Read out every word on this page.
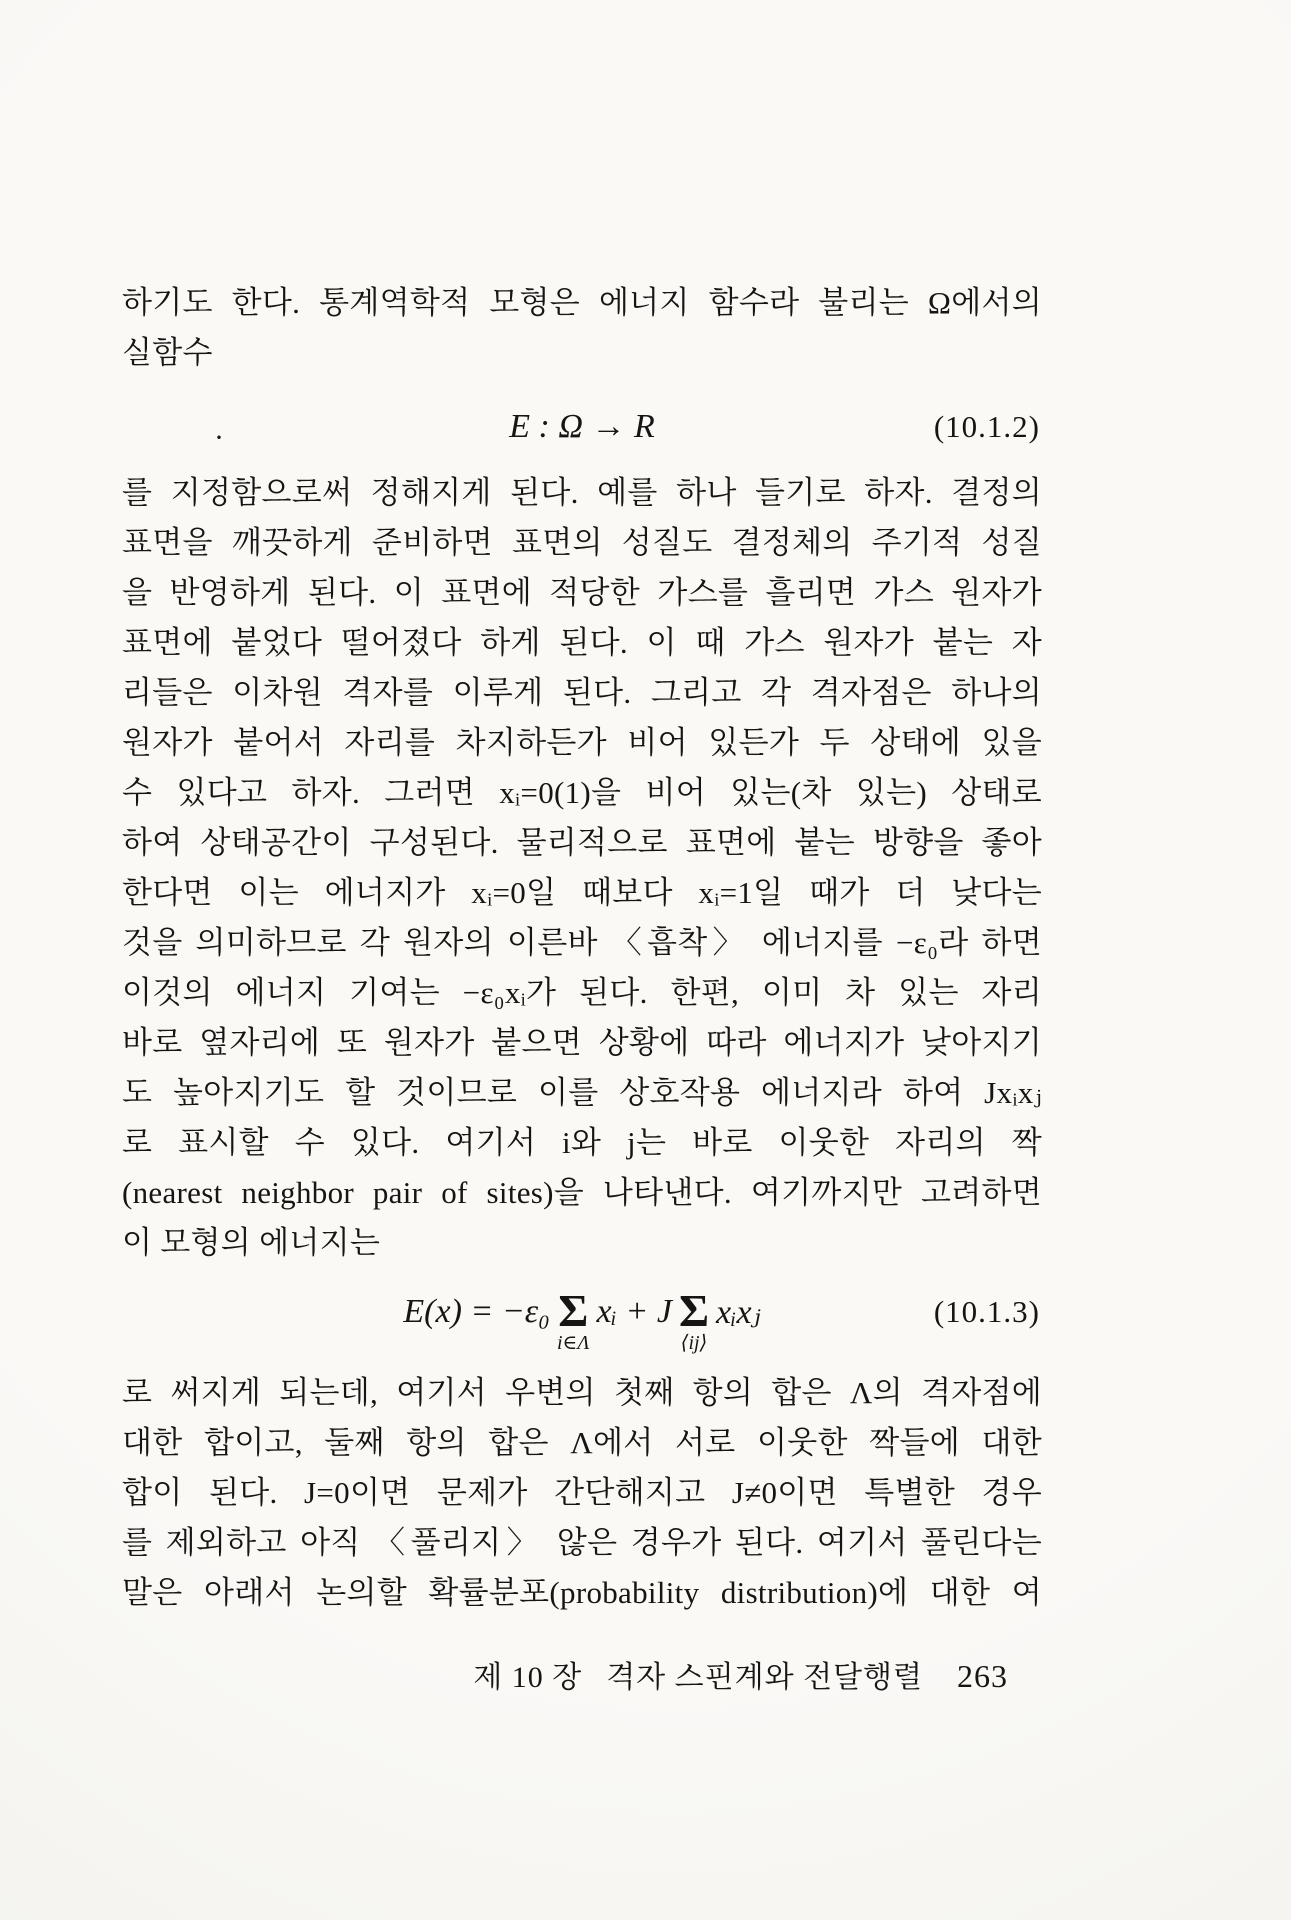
하기도 한다. 통계역학적 모형은 에너지 함수라 불리는 Ω에서의
실함수
·	E : Ω → R	(10.1.2)
를 지정함으로써 정해지게 된다. 예를 하나 들기로 하자. 결정의
표면을 깨끗하게 준비하면 표면의 성질도 결정체의 주기적 성질
을 반영하게 된다. 이 표면에 적당한 가스를 흘리면 가스 원자가
표면에 붙었다 떨어졌다 하게 된다. 이 때 가스 원자가 붙는 자
리들은 이차원 격자를 이루게 된다. 그리고 각 격자점은 하나의
원자가 붙어서 자리를 차지하든가 비어 있든가 두 상태에 있을
수 있다고 하자. 그러면 xᵢ=0(1)을 비어 있는(차 있는) 상태로
하여 상태공간이 구성된다. 물리적으로 표면에 붙는 방향을 좋아
한다면 이는 에너지가 xᵢ=0일 때보다 xᵢ=1일 때가 더 낮다는
것을 의미하므로 각 원자의 이른바 〈흡착〉 에너지를 −ε₀라 하면
이것의 에너지 기여는 −ε₀xᵢ가 된다. 한편, 이미 차 있는 자리
바로 옆자리에 또 원자가 붙으면 상황에 따라 에너지가 낮아지기
도 높아지기도 할 것이므로 이를 상호작용 에너지라 하여 Jxᵢxⱼ
로 표시할 수 있다. 여기서 i와 j는 바로 이웃한 자리의 짝
(nearest neighbor pair of sites)을 나타낸다. 여기까지만 고려하면
이 모형의 에너지는
E(x) = −ε₀ Σ
i∈Λ
xᵢ + J Σ
⟨ij⟩
xᵢxⱼ	(10.1.3)
로 써지게 되는데, 여기서 우변의 첫째 항의 합은 Λ의 격자점에
대한 합이고, 둘째 항의 합은 Λ에서 서로 이웃한 짝들에 대한
합이 된다. J=0이면 문제가 간단해지고 J≠0이면 특별한 경우
를 제외하고 아직 〈풀리지〉 않은 경우가 된다. 여기서 풀린다는
말은 아래서 논의할 확률분포(probability distribution)에 대한 여
제 10 장 격자 스핀계와 전달행렬 263
